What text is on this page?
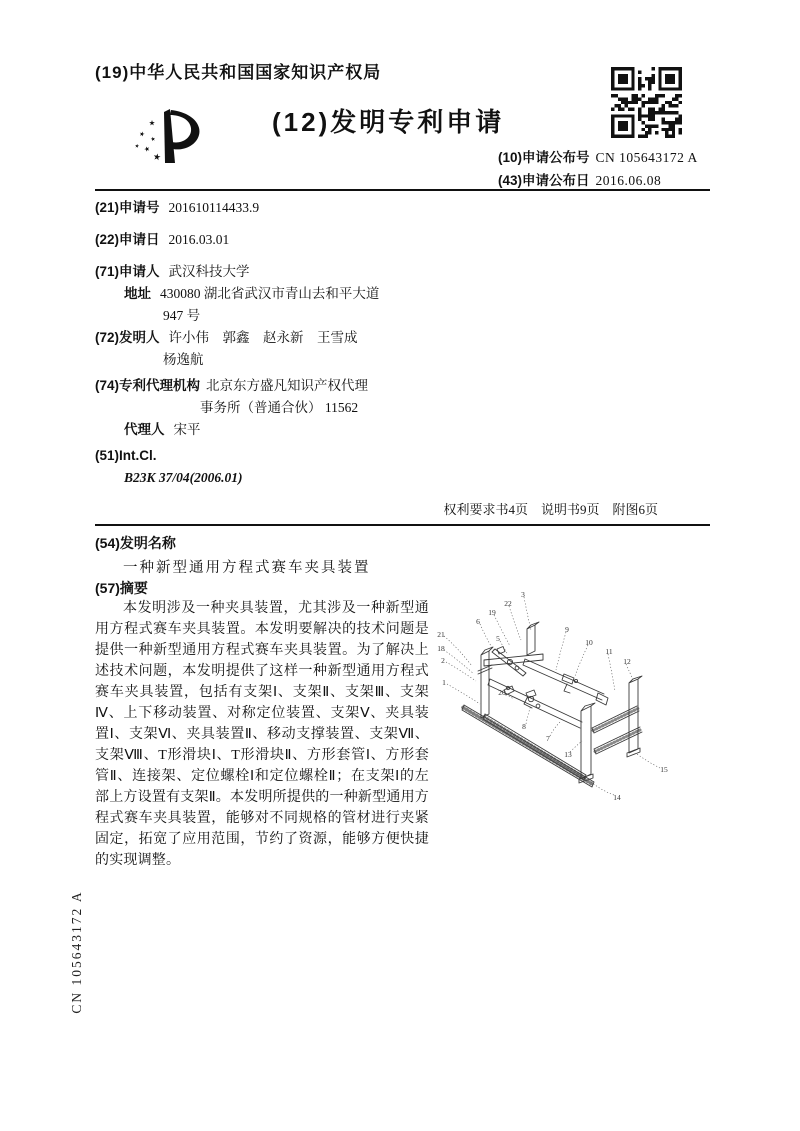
CN 105643172 A
(19)中华人民共和国国家知识产权局
(12)发明专利申请
(10)申请公布号 CN 105643172 A
(43)申请公布日 2016.06.08
(21)申请号 201610114433.9
(22)申请日 2016.03.01
(71)申请人 武汉科技大学
地址 430080 湖北省武汉市青山去和平大道
947 号
(72)发明人 许小伟　郭鑫　赵永新　王雪成
杨逸航
(74)专利代理机构 北京东方盛凡知识产权代理
事务所（普通合伙） 11562
代理人 宋平
(51)Int.Cl.
B23K 37/04(2006.01)
权利要求书4页　说明书9页　附图6页
(54)发明名称
一种新型通用方程式赛车夹具装置
(57)摘要
本发明涉及一种夹具装置，尤其涉及一种新型通用方程式赛车夹具装置。本发明要解决的技术问题是提供一种新型通用方程式赛车夹具装置。为了解决上述技术问题，本发明提供了这样一种新型通用方程式赛车夹具装置，包括有支架Ⅰ、支架Ⅱ、支架Ⅲ、支架Ⅳ、上下移动装置、对称定位装置、支架Ⅴ、夹具装置Ⅰ、支架Ⅵ、夹具装置Ⅱ、移动支撑装置、支架Ⅶ、支架Ⅷ、T形滑块Ⅰ、T形滑块Ⅱ、方形套管Ⅰ、方形套管Ⅱ、连接架、定位螺栓Ⅰ和定位螺栓Ⅱ；在支架Ⅰ的左部上方设置有支架Ⅱ。本发明所提供的一种新型通用方程式赛车夹具装置，能够对不同规格的管材进行夹紧固定，拓宽了应用范围，节约了资源，能够方便快捷的实现调整。
3
22
19
6
5
9
10
11
12
21
18
2
1
20
8
7
13
15
14
